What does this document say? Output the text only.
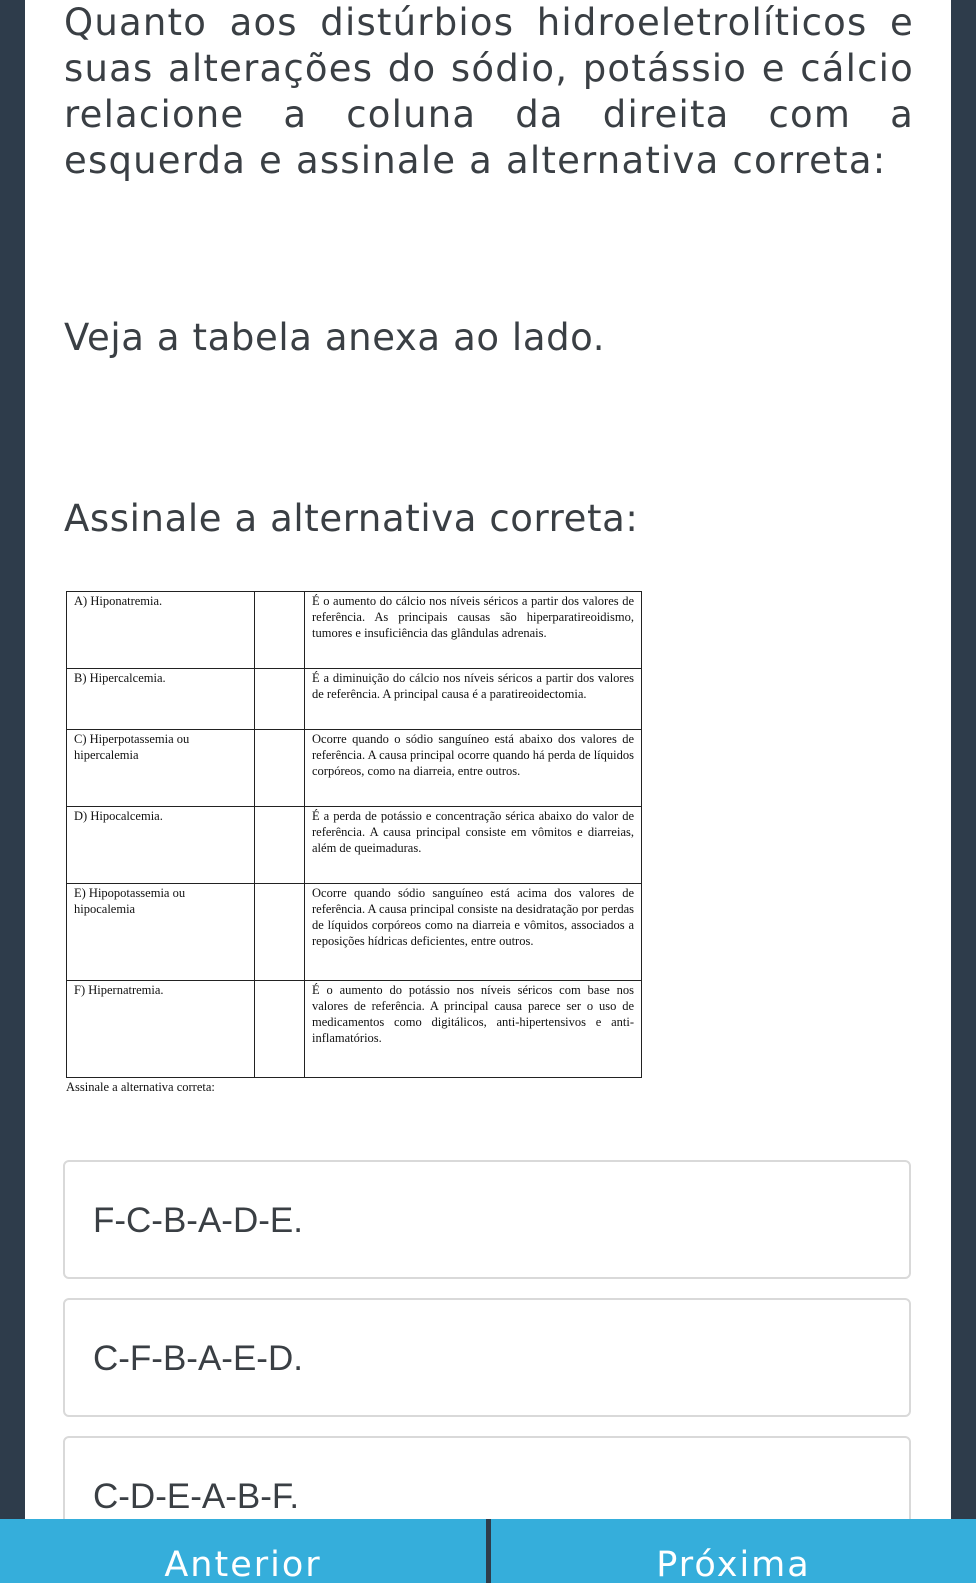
Quanto aos distúrbios hidroeletrolíticos e suas alterações do sódio, potássio e cálcio relacione a coluna da direita com a esquerda e assinale a alternativa correta:

Veja a tabela anexa ao lado.

Assinale a alternativa correta:

A) Hiponatremia.		É o aumento do cálcio nos níveis séricos a partir dos valores de referência. As principais causas são hiperparatireoidismo, tumores e insuficiência das glândulas adrenais.
B) Hipercalcemia.		É a diminuição do cálcio nos níveis séricos a partir dos valores de referência. A principal causa é a paratireoidectomia.
C) Hiperpotassemia ou hipercalemia		Ocorre quando o sódio sanguíneo está abaixo dos valores de referência. A causa principal ocorre quando há perda de líquidos corpóreos, como na diarreia, entre outros.
D) Hipocalcemia.		É a perda de potássio e concentração sérica abaixo do valor de referência. A causa principal consiste em vômitos e diarreias, além de queimaduras.
E) Hipopotassemia ou hipocalemia		Ocorre quando sódio sanguíneo está acima dos valores de referência. A causa principal consiste na desidratação por perdas de líquidos corpóreos como na diarreia e vômitos, associados a reposições hídricas deficientes, entre outros.
F) Hipernatremia.		É o aumento do potássio nos níveis séricos com base nos valores de referência. A principal causa parece ser o uso de medicamentos como digitálicos, anti-hipertensivos e anti-inflamatórios.
Assinale a alternativa correta:
F-C-B-A-D-E.
C-F-B-A-E-D.
C-D-E-A-B-F.
Anterior	Próxima
